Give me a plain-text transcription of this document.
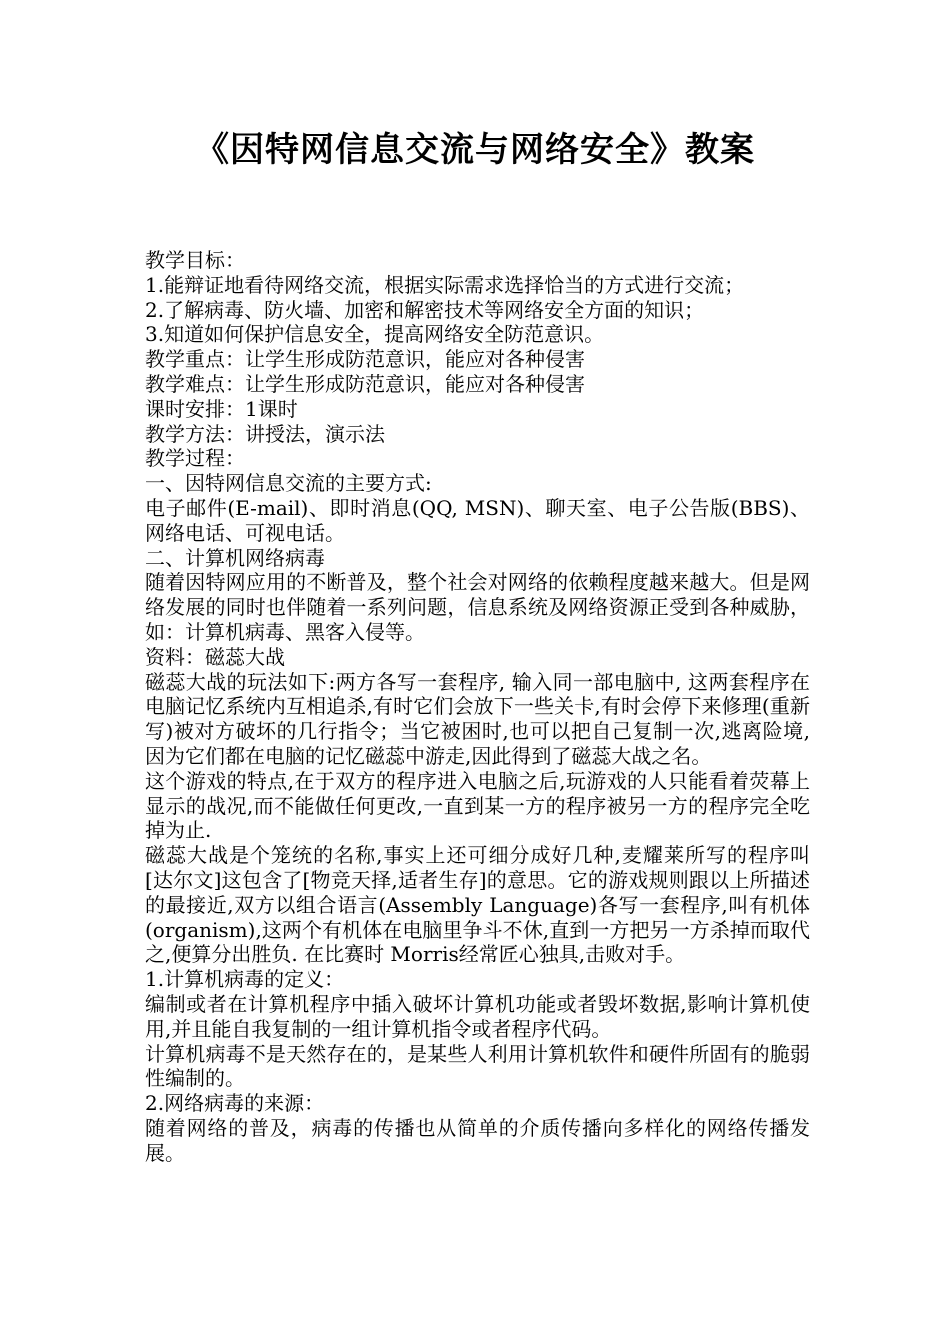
《因特网信息交流与网络安全》教案

教学目标：

1.能辩证地看待网络交流，根据实际需求选择恰当的方式进行交流；

2.了解病毒、防火墙、加密和解密技术等网络安全方面的知识；

3.知道如何保护信息安全，提高网络安全防范意识。

教学重点：让学生形成防范意识，能应对各种侵害

教学难点：让学生形成防范意识，能应对各种侵害

课时安排：1课时

教学方法：讲授法，演示法

教学过程：

一、因特网信息交流的主要方式:

电子邮件(E-mail)、即时消息(QQ, MSN)、聊天室、电子公告版(BBS)、网络电话、可视电话。

二、计算机网络病毒

随着因特网应用的不断普及，整个社会对网络的依赖程度越来越大。但是网络发展的同时也伴随着一系列问题，信息系统及网络资源正受到各种威胁，如：计算机病毒、黑客入侵等。

资料：磁蕊大战

磁蕊大战的玩法如下:两方各写一套程序, 输入同一部电脑中, 这两套程序在电脑记忆系统内互相追杀,有时它们会放下一些关卡,有时会停下来修理(重新写)被对方破坏的几行指令；当它被困时,也可以把自己复制一次,逃离险境,因为它们都在电脑的记忆磁蕊中游走,因此得到了磁蕊大战之名。

这个游戏的特点,在于双方的程序进入电脑之后,玩游戏的人只能看着荧幕上显示的战况,而不能做任何更改,一直到某一方的程序被另一方的程序完全吃掉为止.

磁蕊大战是个笼统的名称,事实上还可细分成好几种,麦耀莱所写的程序叫 [达尔文]这包含了[物竞天择,适者生存]的意思。它的游戏规则跟以上所描述的最接近,双方以组合语言(Assembly Language)各写一套程序,叫有机体(organism),这两个有机体在电脑里争斗不休,直到一方把另一方杀掉而取代之,便算分出胜负. 在比赛时 Morris经常匠心独具,击败对手。

1.计算机病毒的定义：

编制或者在计算机程序中插入破坏计算机功能或者毁坏数据,影响计算机使用,并且能自我复制的一组计算机指令或者程序代码。

计算机病毒不是天然存在的，是某些人利用计算机软件和硬件所固有的脆弱性编制的。

2.网络病毒的来源：

随着网络的普及，病毒的传播也从简单的介质传播向多样化的网络传播发展。
